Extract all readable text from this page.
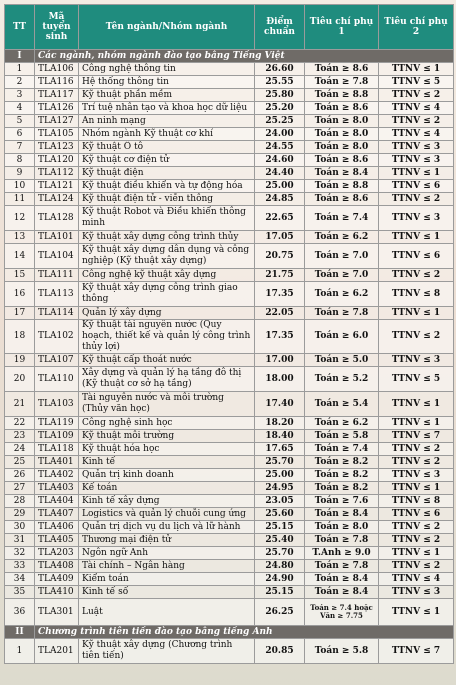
TT	Mã tuyển sinh	Tên ngành/Nhóm ngành	Điểm chuẩn	Tiêu chí phụ 1	Tiêu chí phụ 2
I	Các ngành, nhóm ngành đào tạo bằng Tiếng Việt				
1	TLA106	Công nghệ thông tin	26.60	Toán ≥ 8.6	TTNV ≤ 1
2	TLA116	Hệ thống thông tin	25.55	Toán ≥ 7.8	TTNV ≤ 5
3	TLA117	Kỹ thuật phần mềm	25.80	Toán ≥ 8.8	TTNV ≤ 2
4	TLA126	Trí tuệ nhân tạo và khoa học dữ liệu	25.20	Toán ≥ 8.6	TTNV ≤ 4
5	TLA127	An ninh mạng	25.25	Toán ≥ 8.0	TTNV ≤ 2
6	TLA105	Nhóm ngành Kỹ thuật cơ khí	24.00	Toán ≥ 8.0	TTNV ≤ 4
7	TLA123	Kỹ thuật Ô tô	24.55	Toán ≥ 8.0	TTNV ≤ 3
8	TLA120	Kỹ thuật cơ điện tử	24.60	Toán ≥ 8.6	TTNV ≤ 3
9	TLA112	Kỹ thuật điện	24.40	Toán ≥ 8.4	TTNV ≤ 1
10	TLA121	Kỹ thuật điều khiển và tự động hóa	25.00	Toán ≥ 8.8	TTNV ≤ 6
11	TLA124	Kỹ thuật điện tử - viễn thông	24.85	Toán ≥ 8.6	TTNV ≤ 2
12	TLA128	Kỹ thuật Robot và Điều khiển thông minh	22.65	Toán ≥ 7.4	TTNV ≤ 3
13	TLA101	Kỹ thuật xây dựng công trình thủy	17.05	Toán ≥ 6.2	TTNV ≤ 1
14	TLA104	Kỹ thuật xây dựng dân dụng và công nghiệp (Kỹ thuật xây dựng)	20.75	Toán ≥ 7.0	TTNV ≤ 6
15	TLA111	Công nghệ kỹ thuật xây dựng	21.75	Toán ≥ 7.0	TTNV ≤ 2
16	TLA113	Kỹ thuật xây dựng công trình giao thông	17.35	Toán ≥ 6.2	TTNV ≤ 8
17	TLA114	Quản lý xây dựng	22.05	Toán ≥ 7.8	TTNV ≤ 1
18	TLA102	Kỹ thuật tài nguyên nước (Quy hoạch, thiết kế và quản lý công trình thủy lợi)	17.35	Toán ≥ 6.0	TTNV ≤ 2
19	TLA107	Kỹ thuật cấp thoát nước	17.00	Toán ≥ 5.0	TTNV ≤ 3
20	TLA110	Xây dựng và quản lý hạ tầng đô thị (Kỹ thuật cơ sở hạ tầng)	18.00	Toán ≥ 5.2	TTNV ≤ 5
21	TLA103	Tài nguyên nước và môi trường (Thủy văn học)	17.40	Toán ≥ 5.4	TTNV ≤ 1
22	TLA119	Công nghệ sinh học	18.20	Toán ≥ 6.2	TTNV ≤ 1
23	TLA109	Kỹ thuật môi trường	18.40	Toán ≥ 5.8	TTNV ≤ 7
24	TLA118	Kỹ thuật hóa học	17.65	Toán ≥ 7.4	TTNV ≤ 2
25	TLA401	Kinh tế	25.70	Toán ≥ 8.2	TTNV ≤ 2
26	TLA402	Quản trị kinh doanh	25.00	Toán ≥ 8.2	TTNV ≤ 3
27	TLA403	Kế toán	24.95	Toán ≥ 8.2	TTNV ≤ 1
28	TLA404	Kinh tế xây dựng	23.05	Toán ≥ 7.6	TTNV ≤ 8
29	TLA407	Logistics và quản lý chuỗi cung ứng	25.60	Toán ≥ 8.4	TTNV ≤ 6
30	TLA406	Quản trị dịch vụ du lịch và lữ hành	25.15	Toán ≥ 8.0	TTNV ≤ 2
31	TLA405	Thương mại điện tử	25.40	Toán ≥ 7.8	TTNV ≤ 2
32	TLA203	Ngôn ngữ Anh	25.70	T.Anh ≥ 9.0	TTNV ≤ 1
33	TLA408	Tài chính – Ngân hàng	24.80	Toán ≥ 7.8	TTNV ≤ 2
34	TLA409	Kiểm toán	24.90	Toán ≥ 8.4	TTNV ≤ 4
35	TLA410	Kinh tế số	25.15	Toán ≥ 8.4	TTNV ≤ 3
36	TLA301	Luật	26.25	Toán ≥ 7.4 hoặc Văn ≥ 7.75	TTNV ≤ 1
II	Chương trình tiên tiến đào tạo bằng tiếng Anh				
1	TLA201	Kỹ thuật xây dựng (Chương trình tiên tiến)	20.85	Toán ≥ 5.8	TTNV ≤ 7
